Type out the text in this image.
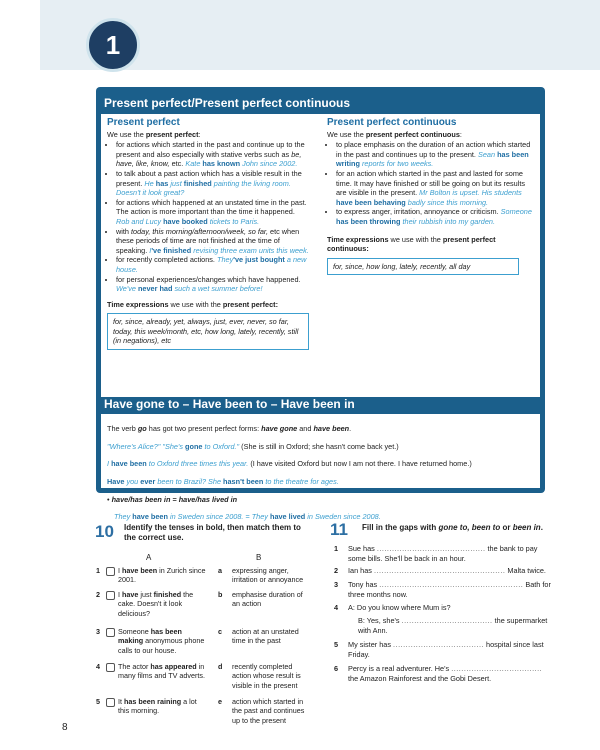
1
Present perfect/Present perfect continuous
Present perfect

We use the present perfect:

• for actions which started in the past and continue up to the present and also especially with stative verbs such as be, have, like, know, etc. Kate has known John since 2002.
• to talk about a past action which has a visible result in the present. He has just finished painting the living room. Doesn't it look great?
• for actions which happened at an unstated time in the past. The action is more important than the time it happened. Rob and Lucy have booked tickets to Paris.
• with today, this morning/afternoon/week, so far, etc when these periods of time are not finished at the time of speaking. I've finished revising three exam units this week.
• for recently completed actions. They've just bought a new house.
• for personal experiences/changes which have happened. We've never had such a wet summer before!

Time expressions we use with the present perfect:

for, since, already, yet, always, just, ever, never, so far, today, this week/month, etc, how long, lately, recently, still (in negations), etc
Present perfect continuous

We use the present perfect continuous:

• to place emphasis on the duration of an action which started in the past and continues up to the present. Sean has been writing reports for two weeks.
• for an action which started in the past and lasted for some time. It may have finished or still be going on but its results are visible in the present. Mr Bolton is upset. His students have been behaving badly since this morning.
• to express anger, irritation, annoyance or criticism. Someone has been throwing their rubbish into my garden.

Time expressions we use with the present perfect continuous:

for, since, how long, lately, recently, all day
Have gone to – Have been to – Have been in

The verb go has got two present perfect forms: have gone and have been.

"Where's Alice?" "She's gone to Oxford." (She is still in Oxford; she hasn't come back yet.)

I have been to Oxford three times this year. (I have visited Oxford but now I am not there. I have returned home.)

Have you ever been to Brazil? She hasn't been to the theatre for ages.

• have/has been in = have/has lived in

They have been in Sweden since 2008. = They have lived in Sweden since 2008.

10 Identify the tenses in bold, then match them to the correct use.
A	B
1	I have been in Zurich since 2001.
a expressing anger, irritation or annoyance
2	I have just finished the cake. Doesn't it look delicious?
b emphasise duration of an action
3	Someone has been making anonymous phone calls to our house.
c action at an unstated time in the past
4	The actor has appeared in many films and TV adverts.
d recently completed action whose result is visible in the present
5	It has been raining a lot this morning.
e action which started in the past and continues up to the present
11 Fill in the gaps with gone to, been to or been in.
1 Sue has ........................................... the bank to pay some bills. She'll be back in an hour.
2 Ian has .................................................... Malta twice.
3 Tony has ......................................................... Bath for three months now.
4 A: Do you know where Mum is?
B: Yes, she's .................................... the supermarket with Ann.
5 My sister has .................................... hospital since last Friday.
6 Percy is a real adventurer. He's .................................... the Amazon Rainforest and the Gobi Desert.
8
